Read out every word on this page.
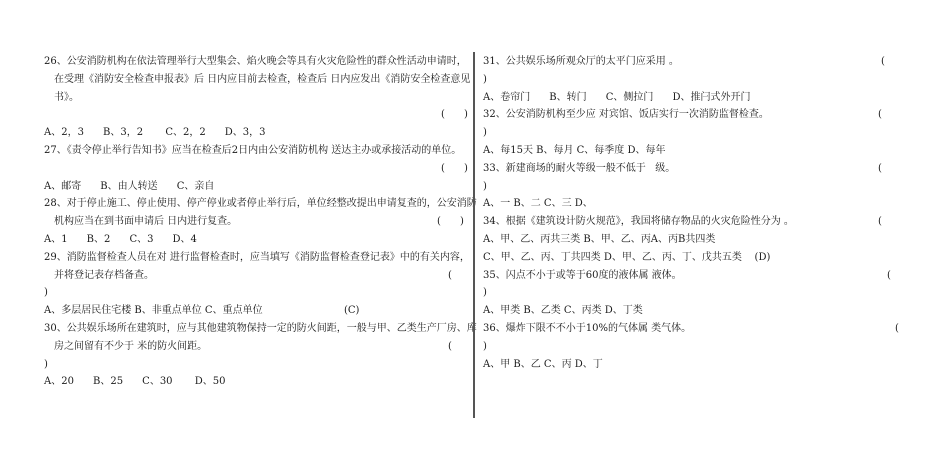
26、公安消防机构在依法管理举行大型集会、焰火晚会等具有火灾危险性的群众性活动申请时，
在受理《消防安全检查申报表》后 日内应目前去检查，检查后 日内应发出《消防安全检查意见
书》。
(      )
A、2，3      B、3，2       C、2，2      D、3，3
27、《责令停止举行告知书》应当在检查后2日内由公安消防机构 送达主办或承接活动的单位。
(      )
A、邮寄      B、由人转送      C、亲自
28、对于停止施工、停止使用、停产停业或者停止举行后，单位经整改提出申请复查的，公安消防
机构应当在到书面申请后 日内进行复查。	(      )
A、1      B、2      C、3      D、4
29、消防监督检查人员在对 进行监督检查时，应当填写《消防监督检查登记表》中的有关内容，
并将登记表存档备查。	(
)
A、多层居民住宅楼 B、非重点单位 C、重点单位	(C)
30、公共娱乐场所在建筑时，应与其他建筑物保持一定的防火间距，一般与甲、乙类生产厂房、库
房之间留有不少于 米的防火间距。	(
)
A、20      B、25      C、30       D、50
31、公共娱乐场所观众厅的太平门应采用 。	(
)
A、卷帘门      B、转门      C、侧拉门      D、推闩式外开门
32、公安消防机构至少应 对宾馆、饭店实行一次消防监督检查。	(
)
A、每15天 B、每月 C、每季度 D、每年
33、新建商场的耐火等级一般不低于   级。	(
)
A、一 B、二 C、三 D、
34、根据《建筑设计防火规范》，我国将储存物品的火灾危险性分为 。	(
A、甲、乙、丙共三类 B、甲、乙、丙A、丙B共四类
C、甲、乙、丙、丁共四类 D、甲、乙、丙、丁、戊共五类    (D)
35、闪点不小于或等于60度的液体属 液体。	(
)
A、甲类 B、乙类 C、丙类 D、丁类
36、爆炸下限不不小于10%的气体属 类气体。	(
)
A、甲 B、乙 C、丙 D、丁
